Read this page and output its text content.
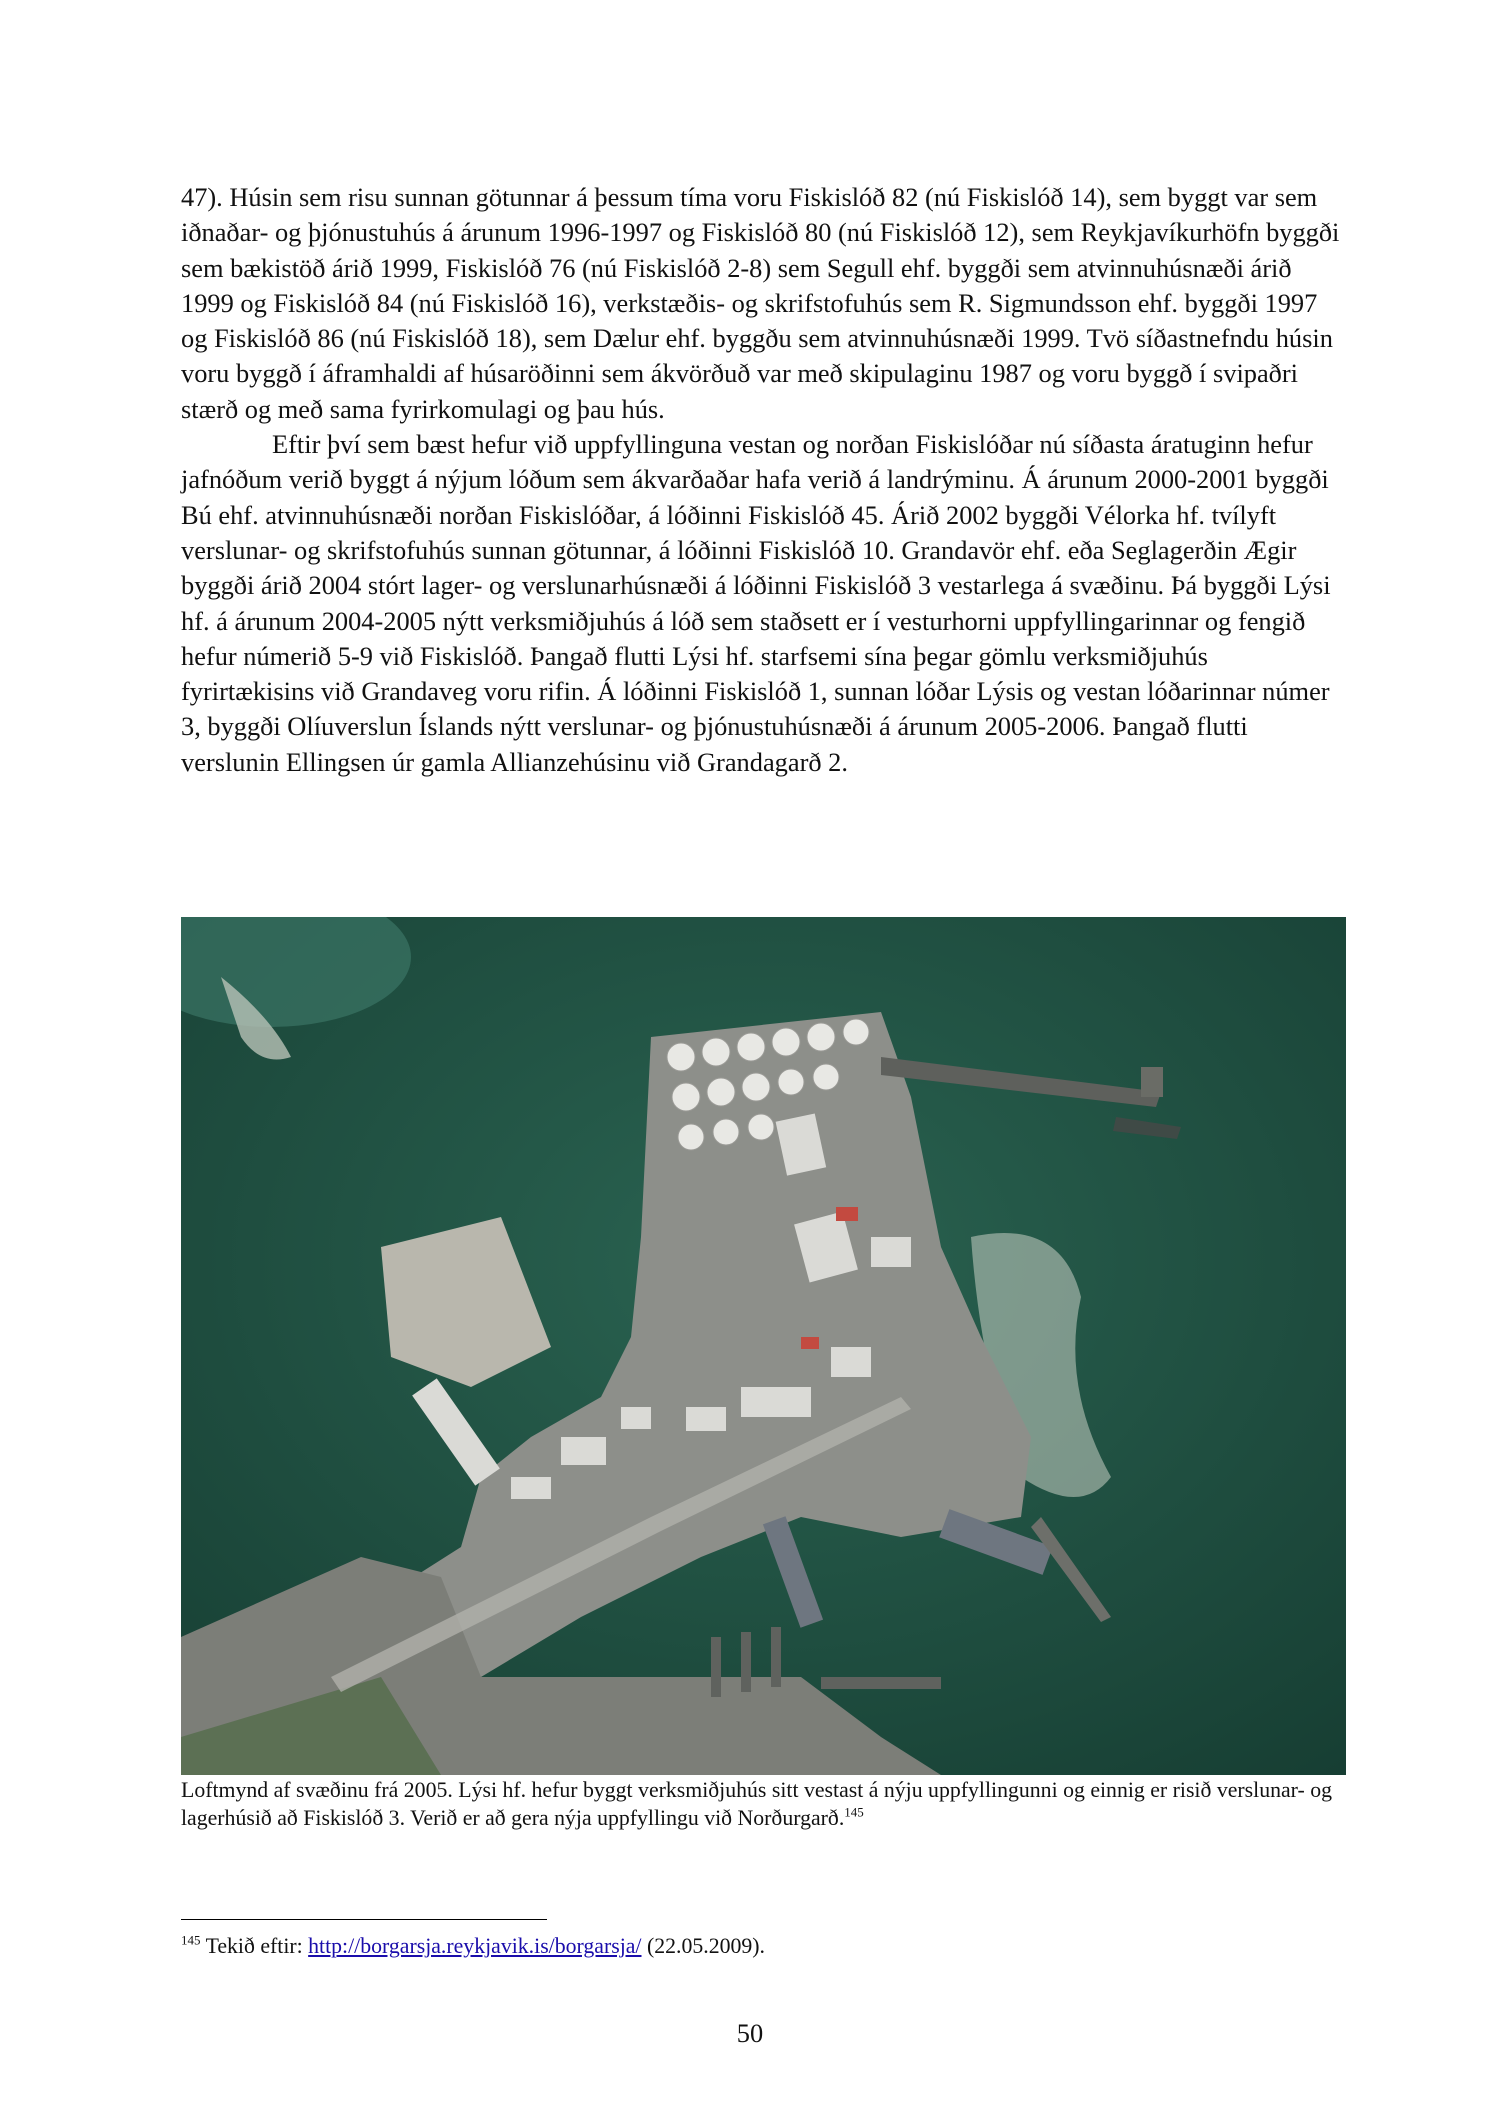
47). Húsin sem risu sunnan götunnar á þessum tíma voru Fiskislóð 82 (nú Fiskislóð 14), sem byggt var sem iðnaðar- og þjónustuhús á árunum 1996-1997 og Fiskislóð 80 (nú Fiskislóð 12), sem Reykjavíkurhöfn byggði sem bækistöð árið 1999, Fiskislóð 76 (nú Fiskislóð 2-8) sem Segull ehf. byggði sem atvinnuhúsnæði árið 1999 og Fiskislóð 84 (nú Fiskislóð 16), verkstæðis- og skrifstofuhús sem R. Sigmundsson ehf. byggði 1997 og Fiskislóð 86 (nú Fiskislóð 18), sem Dælur ehf. byggðu sem atvinnuhúsnæði 1999. Tvö síðastnefndu húsin voru byggð í áframhaldi af húsaröðinni sem ákvörðuð var með skipulaginu 1987 og voru byggð í svipaðri stærð og með sama fyrirkomulagi og þau hús.

Eftir því sem bæst hefur við uppfyllinguna vestan og norðan Fiskislóðar nú síðasta áratuginn hefur jafnóðum verið byggt á nýjum lóðum sem ákvarðaðar hafa verið á landrýminu. Á árunum 2000-2001 byggði Bú ehf. atvinnuhúsnæði norðan Fiskislóðar, á lóðinni Fiskislóð 45. Árið 2002 byggði Vélorka hf. tvílyft verslunar- og skrifstofuhús sunnan götunnar, á lóðinni Fiskislóð 10. Grandavör ehf. eða Seglagerðin Ægir byggði árið 2004 stórt lager- og verslunarhúsnæði á lóðinni Fiskislóð 3 vestarlega á svæðinu. Þá byggði Lýsi hf. á árunum 2004-2005 nýtt verksmiðjuhús á lóð sem staðsett er í vesturhorni uppfyllingarinnar og fengið hefur númerið 5-9 við Fiskislóð. Þangað flutti Lýsi hf. starfsemi sína þegar gömlu verksmiðjuhús fyrirtækisins við Grandaveg voru rifin. Á lóðinni Fiskislóð 1, sunnan lóðar Lýsis og vestan lóðarinnar númer 3, byggði Olíuverslun Íslands nýtt verslunar- og þjónustuhúsnæði á árunum 2005-2006. Þangað flutti verslunin Ellingsen úr gamla Allianzehúsinu við Grandagarð 2.

Loftmynd af svæðinu frá 2005. Lýsi hf. hefur byggt verksmiðjuhús sitt vestast á nýju uppfyllingunni og einnig er risið verslunar- og lagerhúsið að Fiskislóð 3. Verið er að gera nýja uppfyllingu við Norðurgarð.$^{145}$
$^{145}$ Tekið eftir: http://borgarsja.reykjavik.is/borgarsja/ (22.05.2009).
50
